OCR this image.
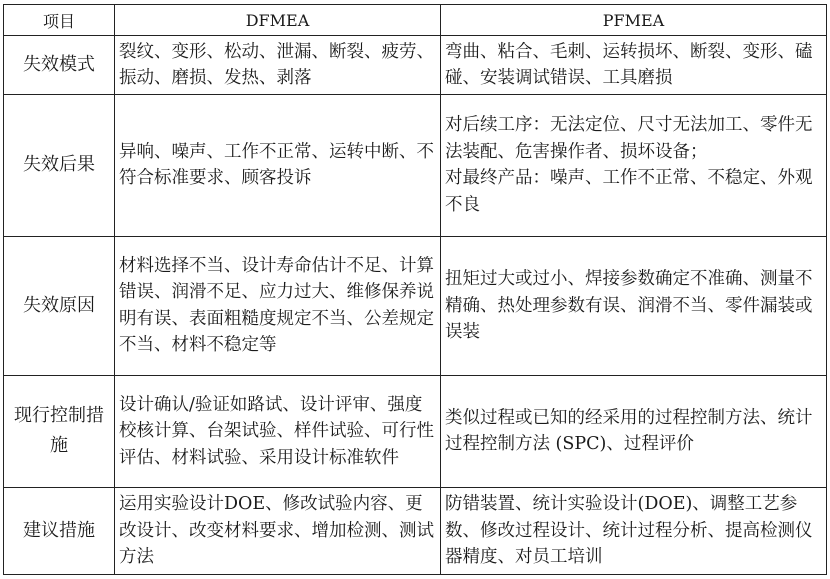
项目	DFMEA	PFMEA
失效模式	裂纹、变形、松动、泄漏、断裂、疲劳、振动、磨损、发热、剥落	弯曲、粘合、毛刺、运转损坏、断裂、变形、磕碰、安装调试错误、工具磨损
失效后果	异响、噪声、工作不正常、运转中断、不符合标准要求、顾客投诉	对后续工序：无法定位、尺寸无法加工、零件无法装配、危害操作者、损坏设备；
对最终产品：噪声、工作不正常、不稳定、外观不良

失效原因	材料选择不当、设计寿命估计不足、计算错误、润滑不足、应力过大、维修保养说明有误、表面粗糙度规定不当、公差规定不当、材料不稳定等	扭矩过大或过小、焊接参数确定不准确、测量不精确、热处理参数有误、润滑不当、零件漏装或误装
现行控制措施	设计确认/验证如路试、设计评审、强度校核计算、台架试验、样件试验、可行性评估、材料试验、采用设计标准软件	类似过程或已知的经采用的过程控制方法、统计过程控制方法 (SPC)、过程评价
建议措施	运用实验设计DOE、修改试验内容、更改设计、改变材料要求、增加检测、测试方法	防错装置、统计实验设计(DOE)、调整工艺参数、修改过程设计、统计过程分析、提高检测仪器精度、对员工培训
